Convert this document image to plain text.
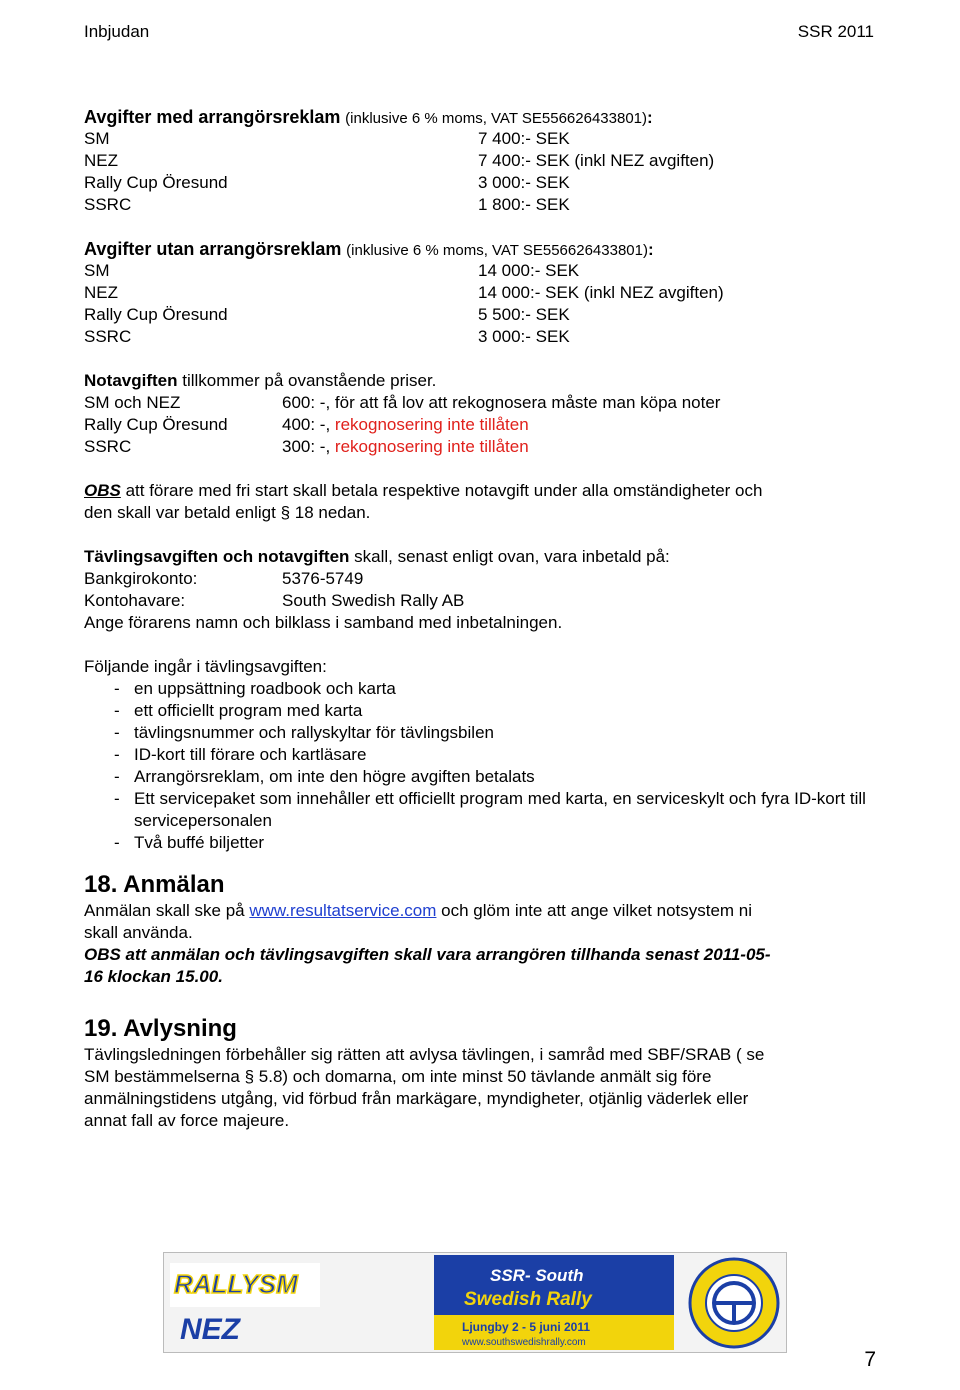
Inbjudan	SSR 2011
Avgifter med arrangörsreklam (inklusive 6 % moms, VAT SE556626433801):
SM	7 400:- SEK
NEZ	7 400:- SEK (inkl NEZ avgiften)
Rally Cup Öresund	3 000:- SEK
SSRC	1 800:- SEK
Avgifter utan arrangörsreklam (inklusive 6 % moms, VAT SE556626433801):
SM	14 000:- SEK
NEZ	14 000:- SEK (inkl NEZ avgiften)
Rally Cup Öresund	5 500:- SEK
SSRC	3 000:- SEK
Notavgiften tillkommer på ovanstående priser.
SM och NEZ	600: -, för att få lov att rekognosera måste man köpa noter
Rally Cup Öresund	400: -, rekognosering inte tillåten
SSRC	300: -, rekognosering inte tillåten
OBS att förare med fri start skall betala respektive notavgift under alla omständigheter och
den skall var betald enligt § 18 nedan.
Tävlingsavgiften och notavgiften skall, senast enligt ovan, vara inbetald på:
Bankgirokonto:	5376-5749
Kontohavare:	South Swedish Rally AB
Ange förarens namn och bilklass i samband med inbetalningen.
Följande ingår i tävlingsavgiften:
- en uppsättning roadbook och karta
- ett officiellt program med karta
- tävlingsnummer och rallyskyltar för tävlingsbilen
- ID-kort till förare och kartläsare
- Arrangörsreklam, om inte den högre avgiften betalats
- Ett servicepaket som innehåller ett officiellt program med karta, en serviceskylt och fyra ID-kort till servicepersonalen
- Två buffé biljetter
18. Anmälan
Anmälan skall ske på www.resultatservice.com och glöm inte att ange vilket notsystem ni
skall använda.
OBS att anmälan och tävlingsavgiften skall vara arrangören tillhanda senast 2011-05-
16 klockan 15.00.
19. Avlysning
Tävlingsledningen förbehåller sig rätten att avlysa tävlingen, i samråd med SBF/SRAB ( se
SM bestämmelserna § 5.8) och domarna, om inte minst 50 tävlande anmält sig före
anmälningstidens utgång, vid förbud från markägare, myndigheter, otjänlig väderlek eller
annat fall av force majeure.
RALLYSM
NEZ
SSR- South
Swedish Rally
Ljungby 2 - 5 juni 2011
www.southswedishrally.com
7
